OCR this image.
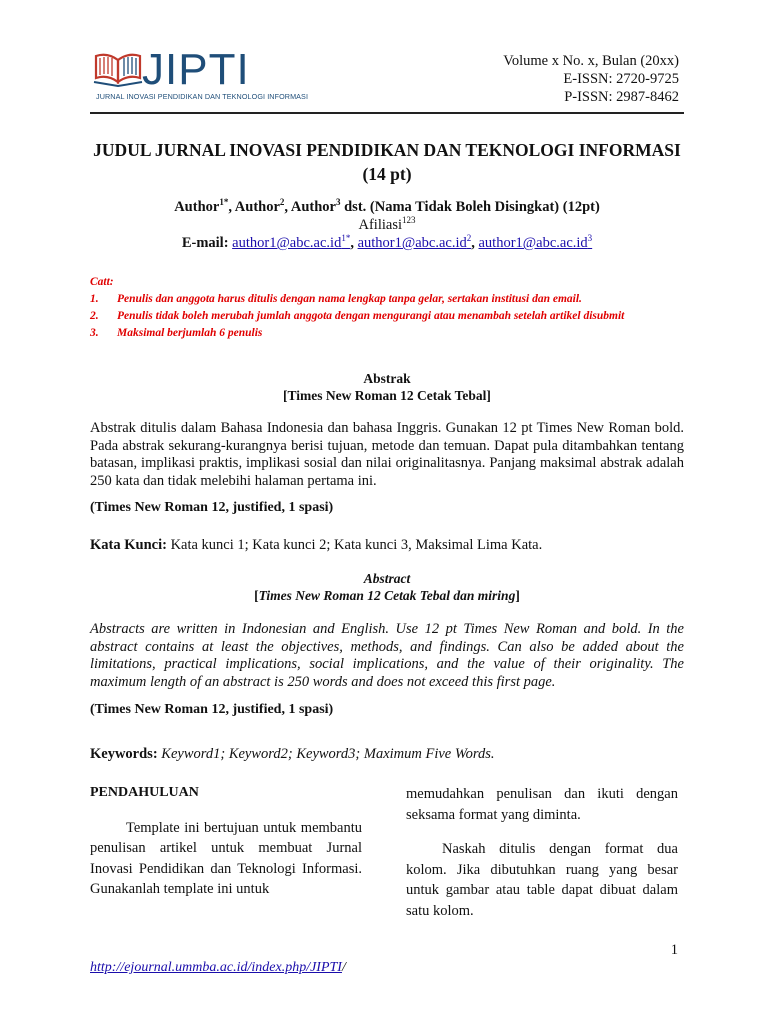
JIPTI
JURNAL INOVASI PENDIDIKAN DAN TEKNOLOGI INFORMASI
Volume x No. x, Bulan (20xx)
E-ISSN: 2720-9725
P-ISSN: 2987-8462
JUDUL JURNAL INOVASI PENDIDIKAN DAN TEKNOLOGI INFORMASI (14 pt)
Author$^{1*}$, Author$^2$, Author$^3$ dst. (Nama Tidak Boleh Disingkat) (12pt)
Afiliasi$^{123}$
E-mail: author1@abc.ac.id$^{1*}$, author1@abc.ac.id$^2$, author1@abc.ac.id$^3$
Catt:
1.	Penulis dan anggota harus ditulis dengan nama lengkap tanpa gelar, sertakan institusi dan email.
2.	Penulis tidak boleh merubah jumlah anggota dengan mengurangi atau menambah setelah artikel disubmit
3.	Maksimal berjumlah 6 penulis
Abstrak
[Times New Roman 12 Cetak Tebal]
Abstrak ditulis dalam Bahasa Indonesia dan bahasa Inggris. Gunakan 12 pt Times New Roman bold. Pada abstrak sekurang-kurangnya berisi tujuan, metode dan temuan. Dapat pula ditambahkan tentang batasan, implikasi praktis, implikasi sosial dan nilai originalitasnya. Panjang maksimal abstrak adalah 250 kata dan tidak melebihi halaman pertama ini.
(Times New Roman 12, justified, 1 spasi)
Kata Kunci: Kata kunci 1; Kata kunci 2; Kata kunci 3, Maksimal Lima Kata.
Abstract
[Times New Roman 12 Cetak Tebal dan miring]
Abstracts are written in Indonesian and English. Use 12 pt Times New Roman and bold. In the abstract contains at least the objectives, methods, and findings. Can also be added about the limitations, practical implications, social implications, and the value of their originality. The maximum length of an abstract is 250 words and does not exceed this first page.
(Times New Roman 12, justified, 1 spasi)
Keywords: Keyword1; Keyword2; Keyword3; Maximum Five Words.
PENDAHULUAN

Template ini bertujuan untuk membantu penulisan artikel untuk membuat Jurnal Inovasi Pendidikan dan Teknologi Informasi. Gunakanlah template ini untuk

memudahkan penulisan dan ikuti dengan seksama format yang diminta.

Naskah ditulis dengan format dua kolom. Jika dibutuhkan ruang yang besar untuk gambar atau table dapat dibuat dalam satu kolom.

1
http://ejournal.ummba.ac.id/index.php/JIPTI/
